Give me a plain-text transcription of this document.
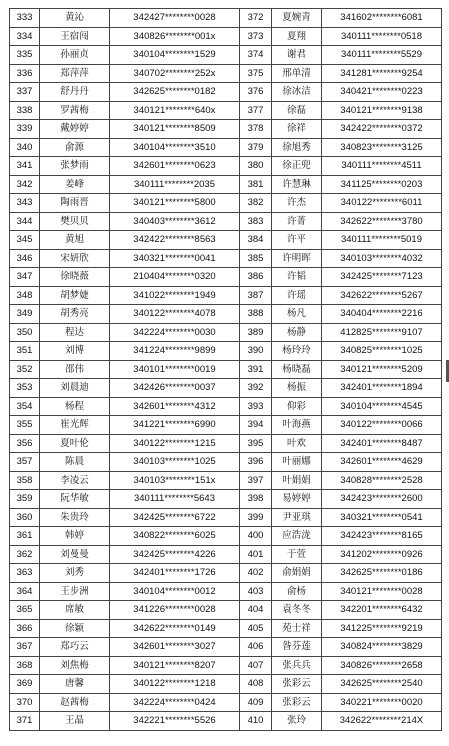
333	黄沁	342427********0028	372	夏婉青	341602********6081
334	王宿闯	340826********001x	373	夏翔	340111********0518
335	孙丽贞	340104********1529	374	谢君	340111********5529
336	郑萍萍	340702********252x	375	邢单清	341281********9254
337	舒丹丹	342625********0182	376	徐冰洁	340421********0223
338	罗茜梅	340121********640x	377	徐磊	340121********9138
339	戴婷婷	340121********8509	378	徐祥	342422********0372
340	俞源	340104********3510	379	徐旭秀	340823********3125
341	张梦雨	342601********0623	380	徐正兜	340111********4511
342	姜峰	340111********2035	381	许慧琳	341125********0203
343	陶雨晋	340121********5800	382	许杰	340122********6011
344	樊贝贝	340403********3612	383	许菁	342622********3780
345	黄旭	342422********8563	384	许平	340111********5019
346	宋妍欣	340321********0041	385	许明晖	340103********4032
347	徐晓薇	210404********0320	386	许韬	342425********7123
348	胡梦婕	341022********1949	387	许瑶	342622********5267
349	胡秀亮	340122********4078	388	杨凡	340404********2216
350	程达	342224********0030	389	杨静	412825********9107
351	刘博	341224********9899	390	杨玲玲	340825********1025
352	邵伟	340101********0019	391	杨晓磊	340121********5209
353	刘晨迪	342426********0037	392	杨振	342401********1894
354	杨程	342601********4312	393	仰彩	340104********4545
355	崔光辉	341221********6990	394	叶海燕	340122********0066
356	夏叶伦	340122********1215	395	叶欢	342401********8487
357	陈晨	340103********1025	396	叶丽娜	342601********4629
358	李凌云	340103********151x	397	叶娟娟	340828********2528
359	阮华敏	340111********5643	398	易婷婷	342423********2600
360	朱贵玲	342425********6722	399	尹亚琪	340321********0541
361	韩婷	340822********6025	400	应浩泷	342423********8165
362	刘曼曼	342425********4226	401	于萱	341202********0926
363	刘秀	342401********1726	402	俞娟娟	342625********0186
364	王步洲	340104********0012	403	俞杨	340121********0028
365	席敏	341226********0028	404	袁冬冬	342201********6432
366	徐颖	342622********0149	405	苑士祥	341225********9219
367	郑巧云	342601********3027	406	昝芬莲	340824********3829
368	刘焦梅	340121********8207	407	张兵兵	340826********2658
369	唐馨	340122********1218	408	张彩云	342625********2540
370	赵茜梅	342224********0424	409	张彩云	340221********0020
371	王晶	342221********5526	410	张玲	342622********214X
